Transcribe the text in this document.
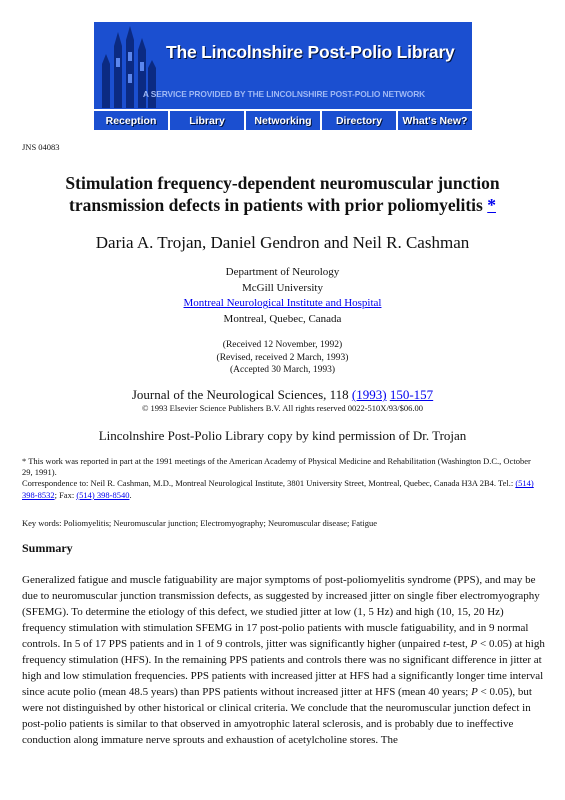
The Lincolnshire Post-Polio Library
A SERVICE PROVIDED BY THE LINCOLNSHIRE POST-POLIO NETWORK
Reception	Library	Networking	Directory	What's New?
JNS 04083
Stimulation frequency-dependent neuromuscular junction
transmission defects in patients with prior poliomyelitis *
Daria A. Trojan, Daniel Gendron and Neil R. Cashman
Department of Neurology
McGill University
Montreal Neurological Institute and Hospital
Montreal, Quebec, Canada
(Received 12 November, 1992)
(Revised, received 2 March, 1993)
(Accepted 30 March, 1993)
Journal of the Neurological Sciences, 118 (1993) 150-157
© 1993 Elsevier Science Publishers B.V. All rights reserved 0022-510X/93/$06.00
Lincolnshire Post-Polio Library copy by kind permission of Dr. Trojan
* This work was reported in part at the 1991 meetings of the American Academy of Physical Medicine and Rehabilitation (Washington D.C., October 29, 1991).
Correspondence to: Neil R. Cashman, M.D., Montreal Neurological Institute, 3801 University Street, Montreal, Quebec, Canada H3A 2B4. Tel.: (514) 398-8532; Fax: (514) 398-8540.
Key words: Poliomyelitis; Neuromuscular junction; Electromyography; Neuromuscular disease; Fatigue
Summary
Generalized fatigue and muscle fatiguability are major symptoms of post-poliomyelitis syndrome (PPS), and may be due to neuromuscular junction transmission defects, as suggested by increased jitter on single fiber electromyography (SFEMG). To determine the etiology of this defect, we studied jitter at low (1, 5 Hz) and high (10, 15, 20 Hz) frequency stimulation with stimulation SFEMG in 17 post-polio patients with muscle fatiguability, and in 9 normal controls. In 5 of 17 PPS patients and in 1 of 9 controls, jitter was significantly higher (unpaired t-test, P < 0.05) at high frequency stimulation (HFS). In the remaining PPS patients and controls there was no significant difference in jitter at high and low stimulation frequencies. PPS patients with increased jitter at HFS had a significantly longer time interval since acute polio (mean 48.5 years) than PPS patients without increased jitter at HFS (mean 40 years; P < 0.05), but were not distinguished by other historical or clinical criteria. We conclude that the neuromuscular junction defect in post-polio patients is similar to that observed in amyotrophic lateral sclerosis, and is probably due to ineffective conduction along immature nerve sprouts and exhaustion of acetylcholine stores. The
